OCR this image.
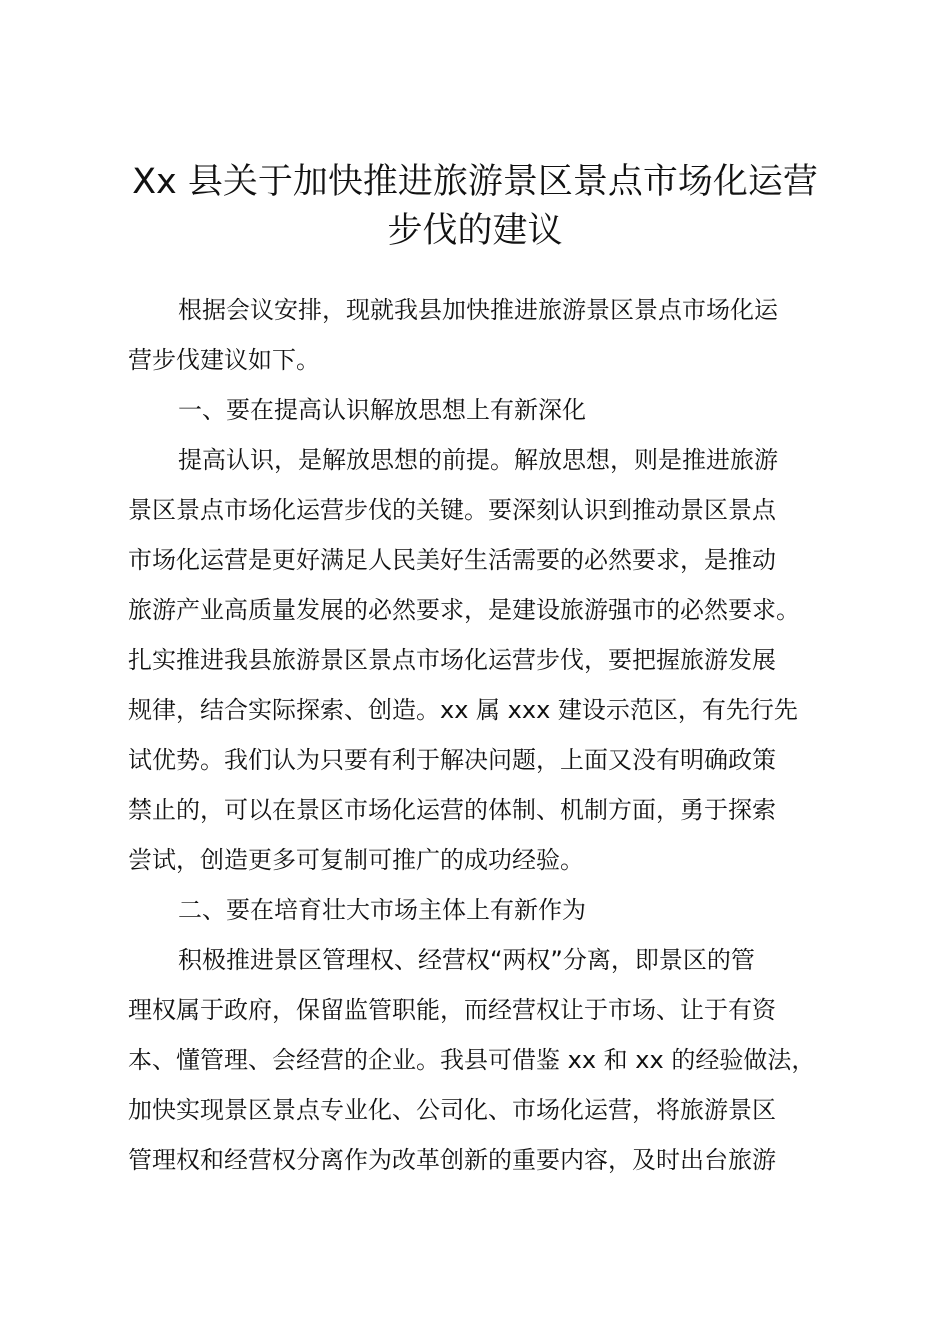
Xx 县关于加快推进旅游景区景点市场化运营
步伐的建议
根据会议安排，现就我县加快推进旅游景区景点市场化运
营步伐建议如下。
一、要在提高认识解放思想上有新深化
提高认识，是解放思想的前提。解放思想，则是推进旅游
景区景点市场化运营步伐的关键。要深刻认识到推动景区景点
市场化运营是更好满足人民美好生活需要的必然要求，是推动
旅游产业高质量发展的必然要求，是建设旅游强市的必然要求。
扎实推进我县旅游景区景点市场化运营步伐，要把握旅游发展
规律，结合实际探索、创造。xx 属 xxx 建设示范区，有先行先
试优势。我们认为只要有利于解决问题，上面又没有明确政策
禁止的，可以在景区市场化运营的体制、机制方面，勇于探索
尝试，创造更多可复制可推广的成功经验。
二、要在培育壮大市场主体上有新作为
积极推进景区管理权、经营权“两权”分离，即景区的管
理权属于政府，保留监管职能，而经营权让于市场、让于有资
本、懂管理、会经营的企业。我县可借鉴 xx 和 xx 的经验做法，
加快实现景区景点专业化、公司化、市场化运营，将旅游景区
管理权和经营权分离作为改革创新的重要内容，及时出台旅游
